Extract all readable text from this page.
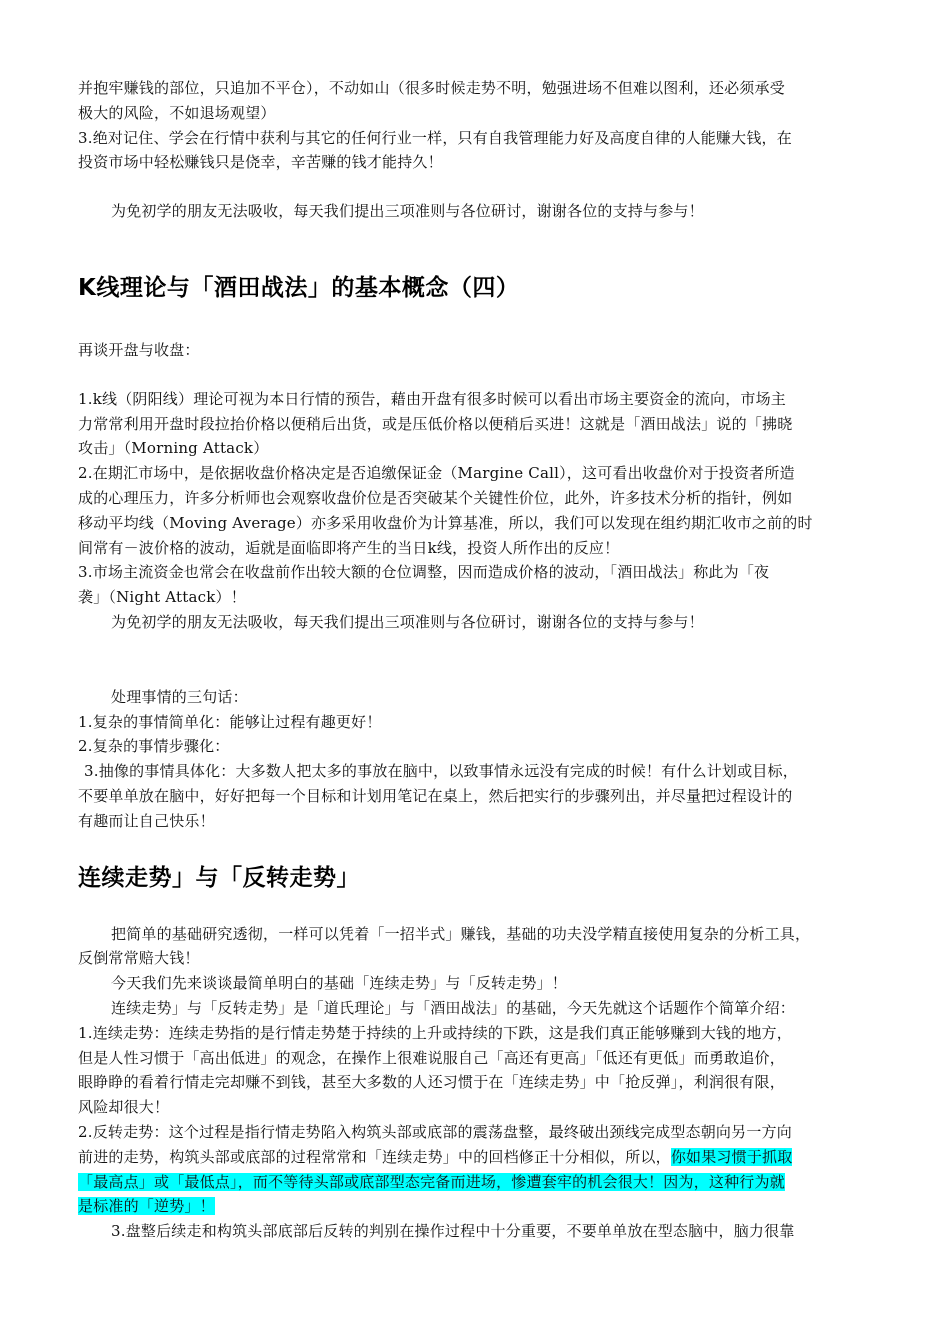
并抱牢赚钱的部位，只追加不平仓），不动如山（很多时候走势不明，勉强进场不但难以图利，还必须承受

极大的风险，不如退场观望）

3.绝对记住、学会在行情中获利与其它的任何行业一样，只有自我管理能力好及高度自律的人能赚大钱，在

投资市场中轻松赚钱只是侥幸，辛苦赚的钱才能持久！

为免初学的朋友无法吸收，每天我们提出三项准则与各位研讨，谢谢各位的支持与参与！

K线理论与「酒田战法」的基本概念（四）

再谈开盘与收盘：

1.k线（阴阳线）理论可视为本日行情的预告，藉由开盘有很多时候可以看出市场主要资金的流向，市场主

力常常利用开盘时段拉抬价格以便稍后出货，或是压低价格以便稍后买进！这就是「酒田战法」说的「拂晓

攻击」（Morning Attack）

2.在期汇市场中，是依据收盘价格决定是否追缴保证金（Margine Call），这可看出收盘价对于投资者所造

成的心理压力，许多分析师也会观察收盘价位是否突破某个关键性价位，此外，许多技术分析的指针，例如

移动平均线（Moving Average）亦多采用收盘价为计算基准，所以，我们可以发现在组约期汇收市之前的时

间常有－波价格的波动，逅就是面临即将产生的当日k线，投资人所作出的反应！

3.市场主流资金也常会在收盘前作出较大额的仓位调整，因而造成价格的波动，「酒田战法」称此为「夜

袭」（Night Attack）！

为免初学的朋友无法吸收，每天我们提出三项准则与各位研讨，谢谢各位的支持与参与！

处理事情的三句话：

1.复杂的事情简单化：能够让过程有趣更好！

2.复杂的事情步骤化：

3.抽像的事情具体化：大多数人把太多的事放在脑中，以致事情永远没有完成的时候！有什么计划或目标，

不要单单放在脑中，好好把每一个目标和计划用笔记在桌上，然后把实行的步骤列出，并尽量把过程设计的

有趣而让自己快乐！

连续走势」与「反转走势」

把简单的基础研究透彻，一样可以凭着「一招半式」赚钱，基础的功夫没学精直接使用复杂的分析工具，

反倒常常赔大钱！

今天我们先来谈谈最简单明白的基础「连续走势」与「反转走势」！

连续走势」与「反转走势」是「道氏理论」与「酒田战法」的基础，今天先就这个话题作个简箪介绍：

1.连续走势：连续走势指的是行情走势楚于持续的上升或持续的下跌，这是我们真正能够赚到大钱的地方，

但是人性习惯于「高出低进」的观念，在操作上很难说服自己「高还有更高」「低还有更低」而勇敢追价，

眼睁睁的看着行情走完却赚不到钱，甚至大多数的人还习惯于在「连续走势」中「抢反弹」，利润很有限，

风险却很大！

2.反转走势：这个过程是指行情走势陷入构筑头部或底部的震荡盘整，最终破出颈线完成型态朝向另一方向

前进的走势，构筑头部或底部的过程常常和「连续走势」中的回档修正十分相似，所以，你如果习惯于抓取

「最高点」或「最低点」，而不等待头部或底部型态完备而进场，惨遭套牢的机会很大！因为，这种行为就

是标准的「逆势」！

3.盘整后续走和构筑头部底部后反转的判别在操作过程中十分重要，不要单单放在型态脑中，脑力很靠
